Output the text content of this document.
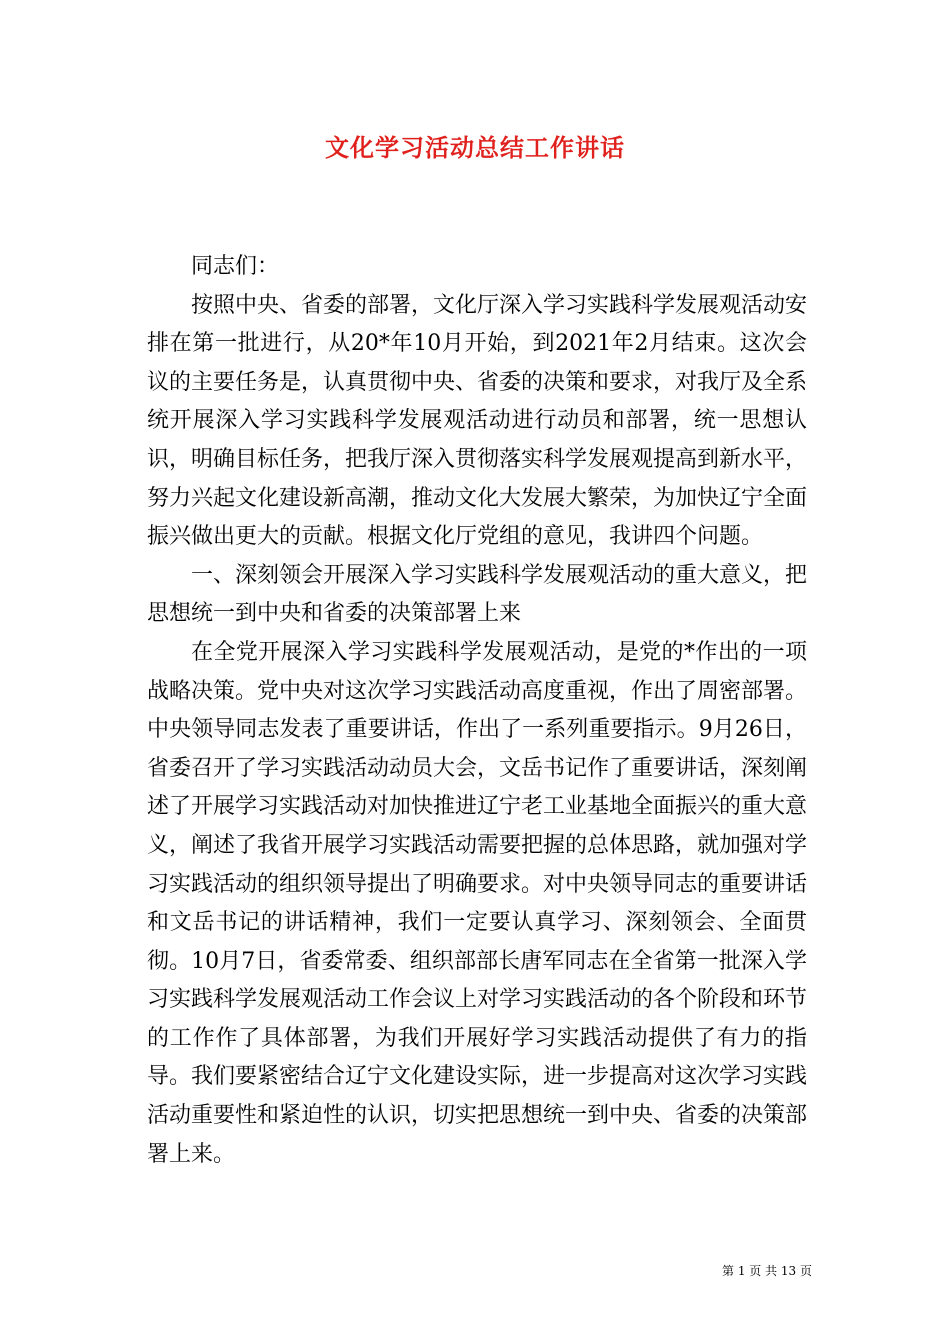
文化学习活动总结工作讲话

同志们：

按照中央、省委的部署，文化厅深入学习实践科学发展观活动安排在第一批进行，从20*年10月开始，到2021年2月结束。这次会议的主要任务是，认真贯彻中央、省委的决策和要求，对我厅及全系统开展深入学习实践科学发展观活动进行动员和部署，统一思想认识，明确目标任务，把我厅深入贯彻落实科学发展观提高到新水平，努力兴起文化建设新高潮，推动文化大发展大繁荣，为加快辽宁全面振兴做出更大的贡献。根据文化厅党组的意见，我讲四个问题。

一、深刻领会开展深入学习实践科学发展观活动的重大意义，把思想统一到中央和省委的决策部署上来

在全党开展深入学习实践科学发展观活动，是党的*作出的一项战略决策。党中央对这次学习实践活动高度重视，作出了周密部署。中央领导同志发表了重要讲话，作出了一系列重要指示。9月26日，省委召开了学习实践活动动员大会，文岳书记作了重要讲话，深刻阐述了开展学习实践活动对加快推进辽宁老工业基地全面振兴的重大意义，阐述了我省开展学习实践活动需要把握的总体思路，就加强对学习实践活动的组织领导提出了明确要求。对中央领导同志的重要讲话和文岳书记的讲话精神，我们一定要认真学习、深刻领会、全面贯彻。10月7日，省委常委、组织部部长唐军同志在全省第一批深入学习实践科学发展观活动工作会议上对学习实践活动的各个阶段和环节的工作作了具体部署，为我们开展好学习实践活动提供了有力的指导。我们要紧密结合辽宁文化建设实际，进一步提高对这次学习实践活动重要性和紧迫性的认识，切实把思想统一到中央、省委的决策部署上来。

第 1 页 共 13 页
